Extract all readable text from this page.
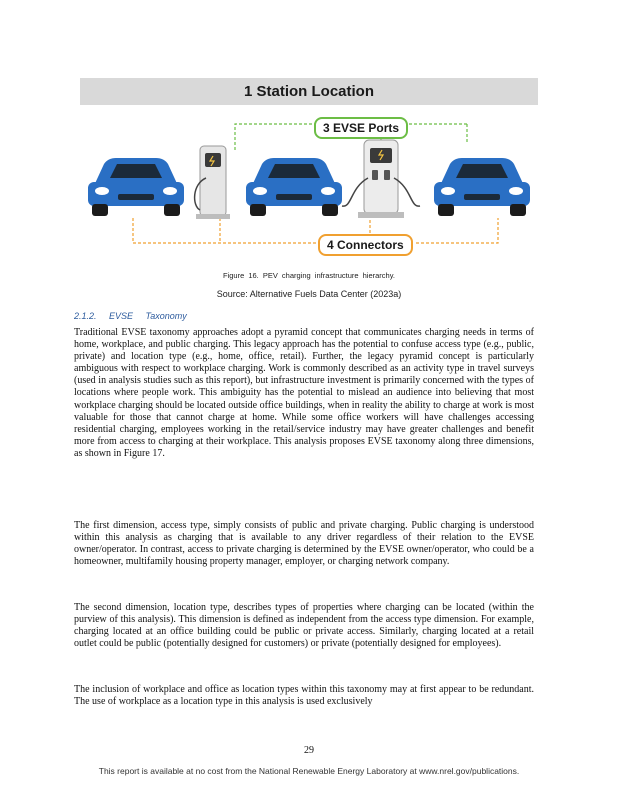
1 Station Location
3 EVSE Ports
4 Connectors
Figure 16. PEV charging infrastructure hierarchy.
Source: Alternative Fuels Data Center (2023a)
2.1.2. EVSE Taxonomy

Traditional EVSE taxonomy approaches adopt a pyramid concept that communicates charging needs in terms of home, workplace, and public charging. This legacy approach has the potential to confuse access type (e.g., public, private) and location type (e.g., home, office, retail). Further, the legacy pyramid concept is particularly ambiguous with respect to workplace charging. Work is commonly described as an activity type in travel surveys (used in analysis studies such as this report), but infrastructure investment is primarily concerned with the types of locations where people work. This ambiguity has the potential to mislead an audience into believing that most workplace charging should be located outside office buildings, when in reality the ability to charge at work is most valuable for those that cannot charge at home. While some office workers will have challenges accessing residential charging, employees working in the retail/service industry may have greater challenges and benefit more from access to charging at their workplace. This analysis proposes EVSE taxonomy along three dimensions, as shown in Figure 17.

The first dimension, access type, simply consists of public and private charging. Public charging is understood within this analysis as charging that is available to any driver regardless of their relation to the EVSE owner/operator. In contrast, access to private charging is determined by the EVSE owner/operator, who could be a homeowner, multifamily housing property manager, employer, or charging network company.

The second dimension, location type, describes types of properties where charging can be located (within the purview of this analysis). This dimension is defined as independent from the access type dimension. For example, charging located at an office building could be public or private access. Similarly, charging located at a retail outlet could be public (potentially designed for customers) or private (potentially designed for employees).

The inclusion of workplace and office as location types within this taxonomy may at first appear to be redundant. The use of workplace as a location type in this analysis is used exclusively

29
This report is available at no cost from the National Renewable Energy Laboratory at www.nrel.gov/publications.
